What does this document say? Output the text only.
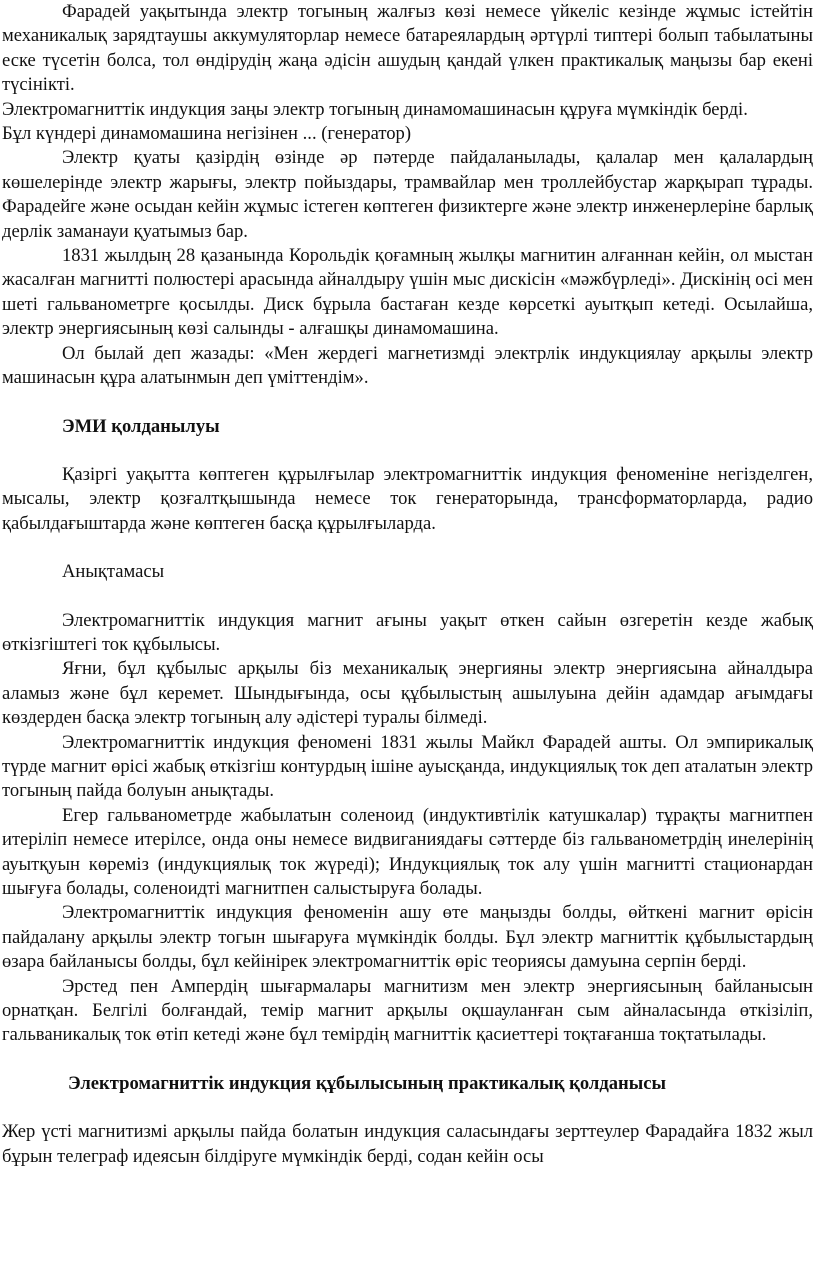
Фарадей уақытында электр тогының жалғыз көзі немесе үйкеліс кезінде жұмыс істейтін механикалық зарядтаушы аккумуляторлар немесе батареялардың әртүрлі типтері болып табылатыны еске түсетін болса, тол өндірудің жаңа әдісін ашудың қандай үлкен практикалық маңызы бар екені түсінікті.

Электромагниттік индукция заңы электр тогының динамомашинасын құруға мүмкіндік берді.

Бұл күндері динамомашина негізінен ... (генератор)

Электр қуаты қазірдің өзінде әр пәтерде пайдаланылады, қалалар мен қалалардың көшелерінде электр жарығы, электр пойыздары, трамвайлар мен троллейбустар жарқырап тұрады. Фарадейге және осыдан кейін жұмыс істеген көптеген физиктерге және электр инженерлеріне барлық дерлік заманауи қуатымыз бар.

1831 жылдың 28 қазанында Корольдік қоғамның жылқы магнитин алғаннан кейін, ол мыстан жасалған магнитті полюстері арасында айналдыру үшін мыс дискісін «мәжбүрледі». Дискінің осі мен шеті гальванометрге қосылды. Диск бұрыла бастаған кезде көрсеткі ауытқып кетеді. Осылайша, электр энергиясының көзі салынды - алғашқы динамомашина.

Ол былай деп жазады: «Мен жердегі магнетизмді электрлік индукциялау арқылы электр машинасын құра алатынмын деп үміттендім».

ЭМИ қолданылуы

Қазіргі уақытта көптеген құрылғылар электромагниттік индукция феноменіне негізделген, мысалы, электр қозғалтқышында немесе ток генераторында, трансформаторларда, радио қабылдағыштарда және көптеген басқа құрылғыларда.

Анықтамасы

Электромагниттік индукция магнит ағыны уақыт өткен сайын өзгеретін кезде жабық өткізгіштегі ток құбылысы.

Яғни, бұл құбылыс арқылы біз механикалық энергияны электр энергиясына айналдыра аламыз және бұл керемет. Шындығында, осы құбылыстың ашылуына дейін адамдар ағымдағы көздерден басқа электр тогының алу әдістері туралы білмеді.

Электромагниттік индукция феномені 1831 жылы Майкл Фарадей ашты. Ол эмпирикалық түрде магнит өрісі жабық өткізгіш контурдың ішіне ауысқанда, индукциялық ток деп аталатын электр тогының пайда болуын анықтады.

Егер гальванометрде жабылатын соленоид (индуктивтілік катушкалар) тұрақты магнитпен итеріліп немесе итерілсе, онда оны немесе видвиганиядағы сәттерде біз гальванометрдің инелерінің ауытқуын көреміз (индукциялық ток жүреді); Индукциялық ток алу үшін магнитті стационардан шығуға болады, соленоидті магнитпен салыстыруға болады.

Электромагниттік индукция феноменін ашу өте маңызды болды, өйткені магнит өрісін пайдалану арқылы электр тогын шығаруға мүмкіндік болды. Бұл электр магниттік құбылыстардың өзара байланысы болды, бұл кейінірек электромагниттік өріс теориясы дамуына серпін берді.

Эрстед пен Ампердің шығармалары магнитизм мен электр энергиясының байланысын орнатқан. Белгілі болғандай, темір магнит арқылы оқшауланған сым айналасында өткізіліп, гальваникалық ток өтіп кетеді және бұл темірдің магниттік қасиеттері тоқтағанша тоқтатылады.

Электромагниттік индукция құбылысының практикалық қолданысы

Жер үсті магнитизмі арқылы пайда болатын индукция саласындағы зерттеулер Фарадайға 1832 жыл бұрын телеграф идеясын білдіруге мүмкіндік берді, содан кейін осы
